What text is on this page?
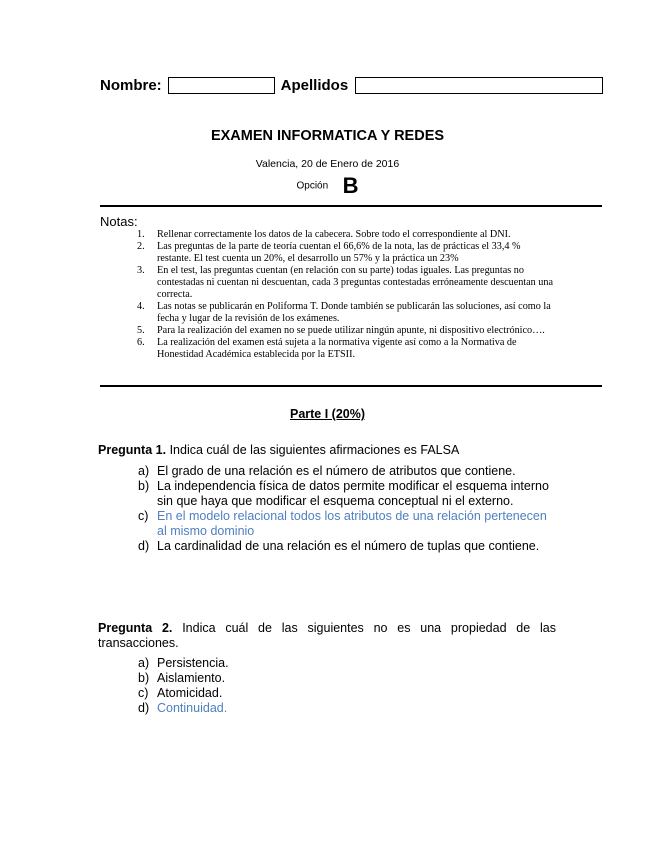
Nombre:	Apellidos
EXAMEN INFORMATICA Y REDES
Valencia, 20 de Enero de 2016
Opción B
Notas:
1.	Rellenar correctamente los datos de la cabecera. Sobre todo el correspondiente al DNI.
2.	Las preguntas de la parte de teoría cuentan el 66,6% de la nota, las de prácticas el 33,4 % restante. El test cuenta un 20%, el desarrollo un 57% y la práctica un 23%
3.	En el test, las preguntas cuentan (en relación con su parte) todas iguales. Las preguntas no contestadas ni cuentan ni descuentan, cada 3 preguntas contestadas erróneamente descuentan una correcta.
4.	Las notas se publicarán en Poliforma T. Donde también se publicarán las soluciones, así como la fecha y lugar de la revisión de los exámenes.
5.	Para la realización del examen no se puede utilizar ningún apunte, ni dispositivo electrónico….
6.	La realización del examen está sujeta a la normativa vigente así como a la Normativa de Honestidad Académica establecida por la ETSII.
Parte I (20%)
Pregunta 1. Indica cuál de las siguientes afirmaciones es FALSA
a) El grado de una relación es el número de atributos que contiene.
b) La independencia física de datos permite modificar el esquema interno sin que haya que modificar el esquema conceptual ni el externo.
c) En el modelo relacional todos los atributos de una relación pertenecen al mismo dominio
d) La cardinalidad de una relación es el número de tuplas que contiene.
Pregunta 2. Indica cuál de las siguientes no es una propiedad de las transacciones.
a) Persistencia.
b) Aislamiento.
c) Atomicidad.
d) Continuidad.
